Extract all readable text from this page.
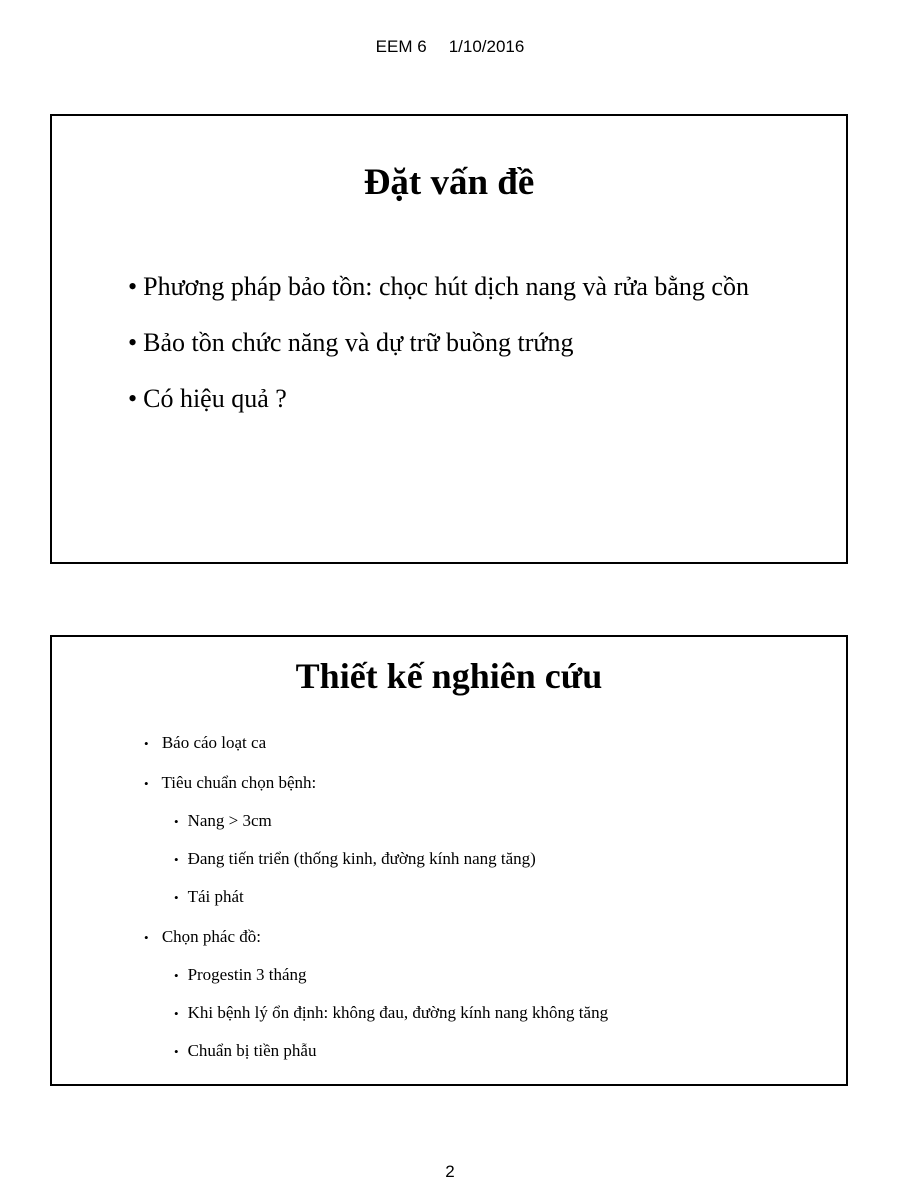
EEM 6 1/10/2016
Đặt vấn đề
• Phương pháp bảo tồn: chọc hút dịch nang và rửa bằng cồn
• Bảo tồn chức năng và dự trữ buồng trứng
• Có hiệu quả ?
Thiết kế nghiên cứu
• Báo cáo loạt ca
• Tiêu chuẩn chọn bệnh:
• Nang > 3cm
• Đang tiến triển (thống kinh, đường kính nang tăng)
• Tái phát
• Chọn phác đồ:
• Progestin 3 tháng
• Khi bệnh lý ổn định: không đau, đường kính nang không tăng
• Chuẩn bị tiền phẫu
2
